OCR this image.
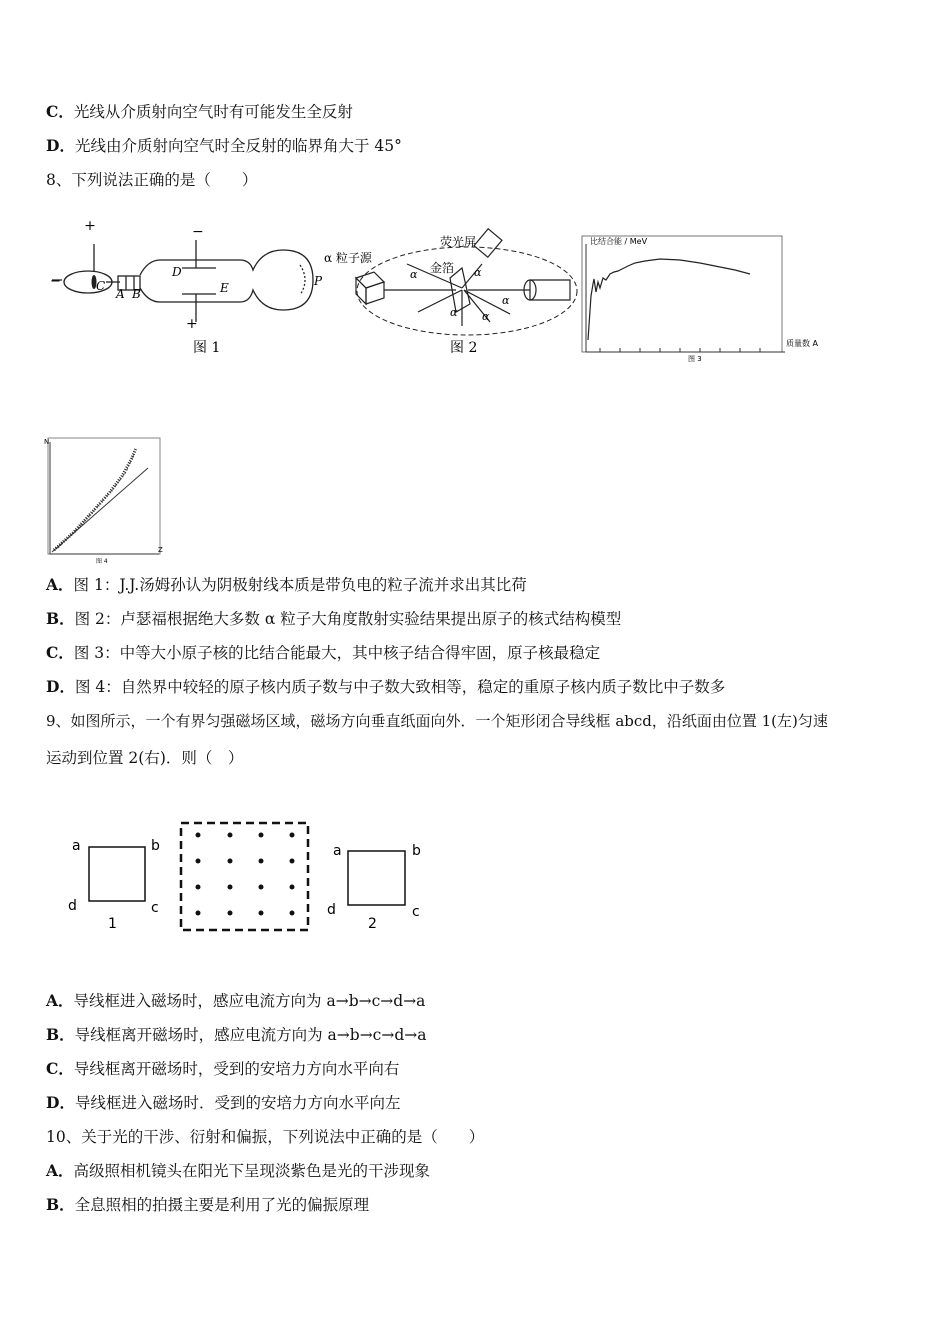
C．光线从介质射向空气时有可能发生全反射
D．光线由介质射向空气时全反射的临界角大于 45°
8、下列说法正确的是（　　）
+
−
−
+
C
A B
D
E	P
图 1
α 粒子源
荧光屏
金箔
α	α
α α
α
图 2
比结合能 / MeV
质量数 A
图 3
N
Z
图 4
A．图 1：J.J.汤姆孙认为阴极射线本质是带负电的粒子流并求出其比荷
B．图 2：卢瑟福根据绝大多数 α 粒子大角度散射实验结果提出原子的核式结构模型
C．图 3：中等大小原子核的比结合能最大，其中核子结合得牢固，原子核最稳定
D．图 4：自然界中较轻的原子核内质子数与中子数大致相等，稳定的重原子核内质子数比中子数多
9、如图所示，一个有界匀强磁场区域，磁场方向垂直纸面向外．一个矩形闭合导线框 abcd，沿纸面由位置 1(左)匀速
运动到位置 2(右)．则（　）
a	b
c
d
1
a	b
c
d
2
A．导线框进入磁场时，感应电流方向为 a→b→c→d→a
B．导线框离开磁场时，感应电流方向为 a→b→c→d→a
C．导线框离开磁场时，受到的安培力方向水平向右
D．导线框进入磁场时．受到的安培力方向水平向左
10、关于光的干涉、衍射和偏振，下列说法中正确的是（　　）
A．高级照相机镜头在阳光下呈现淡紫色是光的干涉现象
B．全息照相的拍摄主要是利用了光的偏振原理
